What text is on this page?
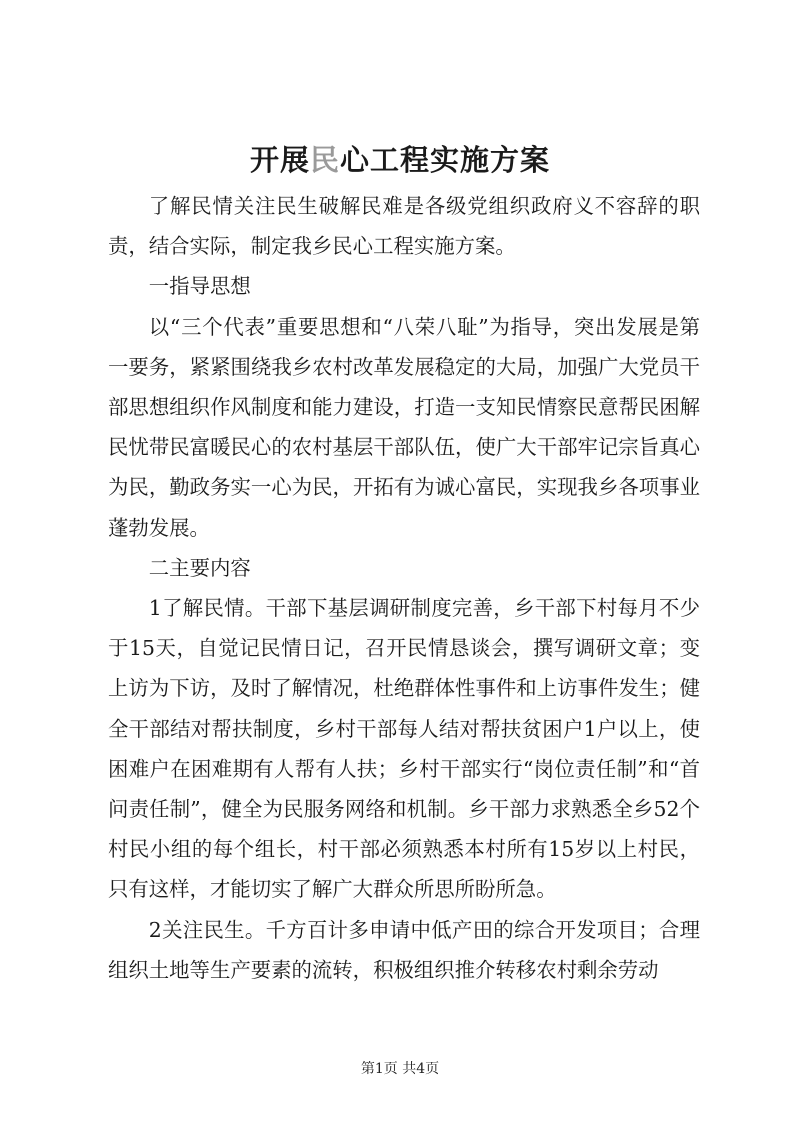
开展民心工程实施方案

了解民情关注民生破解民难是各级党组织政府义不容辞的职责，结合实际，制定我乡民心工程实施方案。

一指导思想

以“三个代表”重要思想和“八荣八耻”为指导，突出发展是第一要务，紧紧围绕我乡农村改革发展稳定的大局，加强广大党员干部思想组织作风制度和能力建设，打造一支知民情察民意帮民困解民忧带民富暖民心的农村基层干部队伍，使广大干部牢记宗旨真心为民，勤政务实一心为民，开拓有为诚心富民，实现我乡各项事业蓬勃发展。

二主要内容

1了解民情。干部下基层调研制度完善，乡干部下村每月不少于15天，自觉记民情日记，召开民情恳谈会，撰写调研文章；变上访为下访，及时了解情况，杜绝群体性事件和上访事件发生；健全干部结对帮扶制度，乡村干部每人结对帮扶贫困户1户以上，使困难户在困难期有人帮有人扶；乡村干部实行“岗位责任制”和“首问责任制”，健全为民服务网络和机制。乡干部力求熟悉全乡52个村民小组的每个组长，村干部必须熟悉本村所有15岁以上村民，只有这样，才能切实了解广大群众所思所盼所急。

2关注民生。千方百计多申请中低产田的综合开发项目；合理组织土地等生产要素的流转，积极组织推介转移农村剩余劳动

第1页 共4页
